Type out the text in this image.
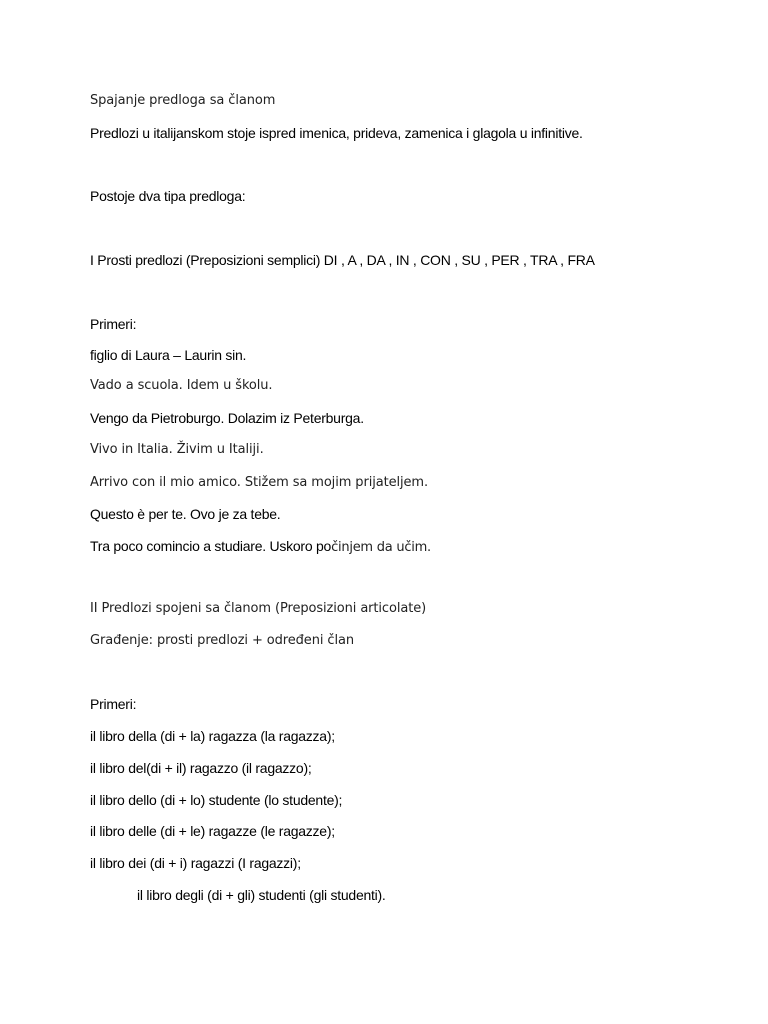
Spajanje predloga sa članom
Predlozi u italijanskom stoje ispred imenica, prideva, zamenica i glagola u infinitive.
Postoje dva tipa predloga:
I Prosti predlozi (Preposizioni semplici) DI , A , DA , IN , CON , SU , PER , TRA , FRA
Primeri:
figlio di Laura – Laurin sin.
Vado a scuola. Idem u školu.
Vengo da Pietroburgo. Dolazim iz Peterburga.
Vivo in Italia. Živim u Italiji.
Arrivo con il mio amico. Stižem sa mojim prijateljem.
Questo è per te. Ovo je za tebe.
Tra poco comincio a studiare. Uskoro počinjem da učim.
II Predlozi spojeni sa članom (Preposizioni articolate)
Građenje: prosti predlozi + određeni član
Primeri:
il libro della (di + la) ragazza (la ragazza);
il libro del(di + il) ragazzo (il ragazzo);
il libro dello (di + lo) studente (lo studente);
il libro delle (di + le) ragazze (le ragazze);
il libro dei (di + i) ragazzi (I ragazzi);
il libro degli (di + gli) studenti (gli studenti).
